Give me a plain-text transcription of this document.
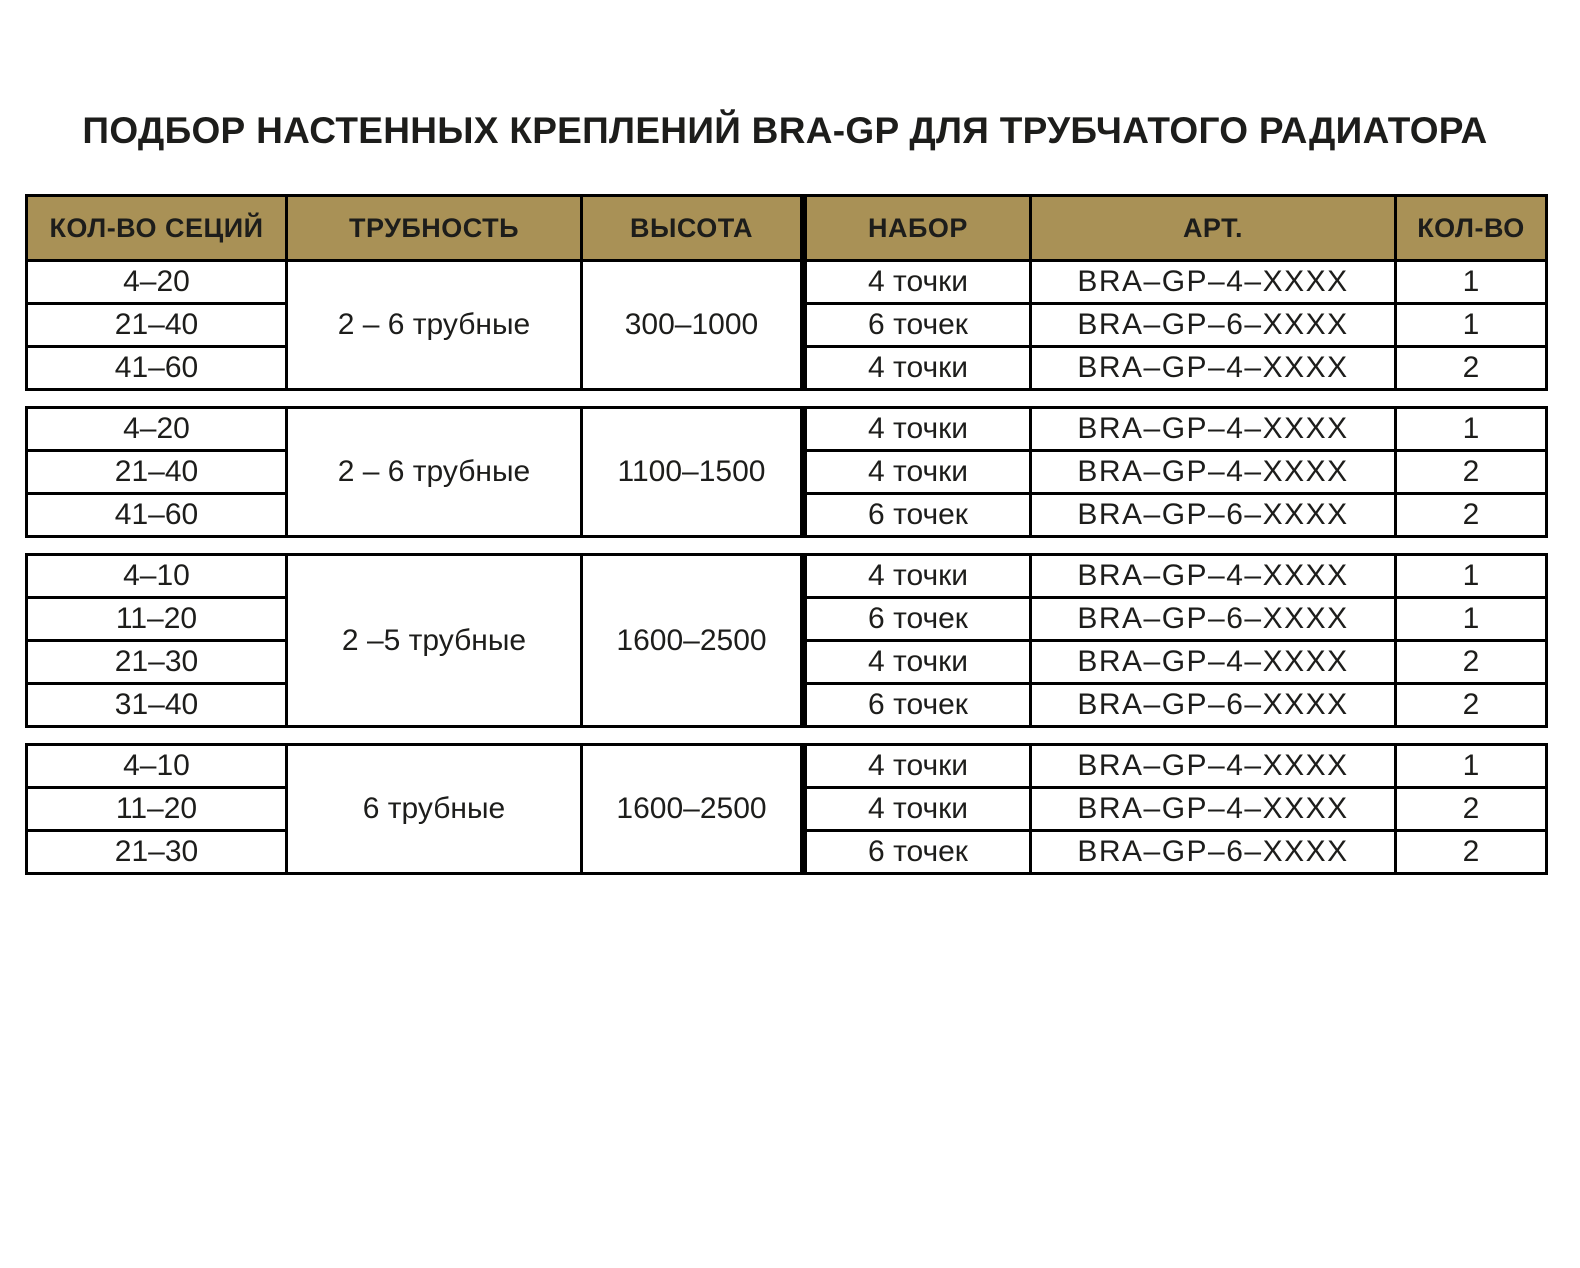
ПОДБОР НАСТЕННЫХ КРЕПЛЕНИЙ BRA-GP ДЛЯ ТРУБЧАТОГО РАДИАТОРА
КОЛ-ВО СЕЦИЙ	ТРУБНОСТЬ	ВЫСОТА	НАБОР	АРТ.	КОЛ-ВО
4–20	2 – 6 трубные	300–1000	4 точки	BRA–GP–4–XXXX	1
21–40			6 точек	BRA–GP–6–XXXX	1
41–60			4 точки	BRA–GP–4–XXXX	2
4–20	2 – 6 трубные	1100–1500	4 точки	BRA–GP–4–XXXX	1
21–40			4 точки	BRA–GP–4–XXXX	2
41–60			6 точек	BRA–GP–6–XXXX	2
4–10	2 –5 трубные	1600–2500	4 точки	BRA–GP–4–XXXX	1
11–20			6 точек	BRA–GP–6–XXXX	1
21–30			4 точки	BRA–GP–4–XXXX	2
31–40			6 точек	BRA–GP–6–XXXX	2
4–10	6 трубные	1600–2500	4 точки	BRA–GP–4–XXXX	1
11–20			4 точки	BRA–GP–4–XXXX	2
21–30			6 точек	BRA–GP–6–XXXX	2
